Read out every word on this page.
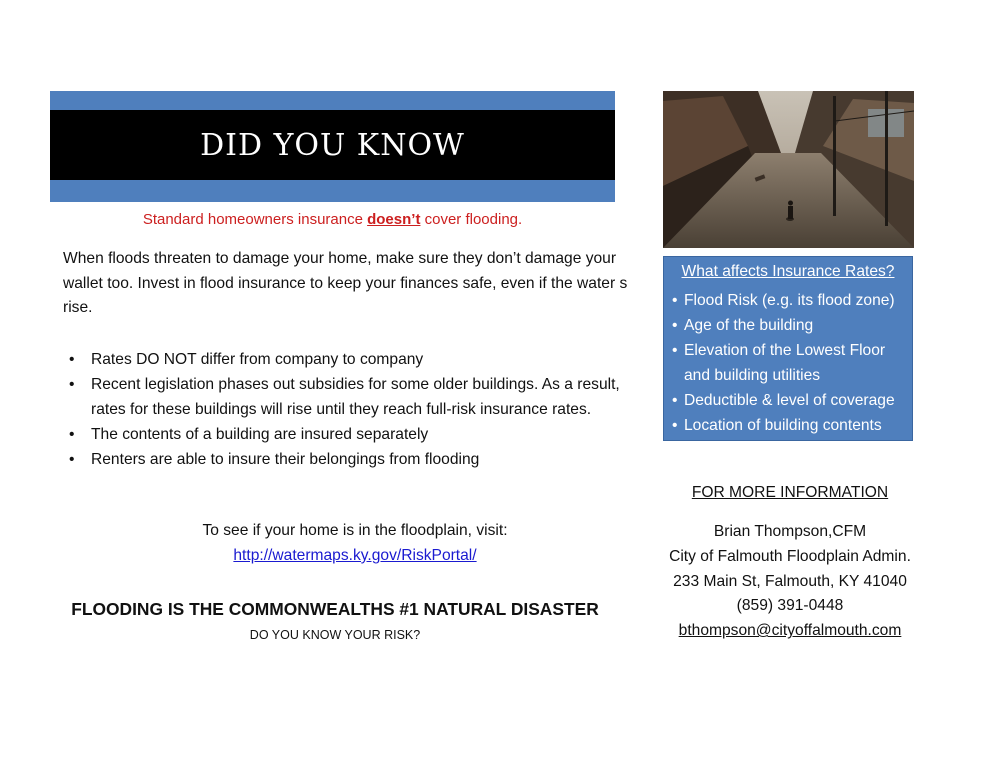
DID YOU KNOW
Standard homeowners insurance doesn’t cover flooding.
When floods threaten to damage your home, make sure they don’t damage your wallet too. Invest in flood insurance to keep your finances safe, even if the water s rise.
• Rates DO NOT differ from company to company
• Recent legislation phases out subsidies for some older buildings. As a result, rates for these buildings will rise until they reach full-risk insurance rates.
• The contents of a building are insured separately
• Renters are able to insure their belongings from flooding
To see if your home is in the floodplain, visit:
http://watermaps.ky.gov/RiskPortal/
FLOODING IS THE COMMONWEALTHS #1 NATURAL DISASTER
DO YOU KNOW YOUR RISK?
What affects Insurance Rates?
• Flood Risk (e.g. its flood zone)
• Age of the building
• Elevation of the Lowest Floor and building utilities
• Deductible & level of coverage
• Location of building contents
FOR MORE INFORMATION
Brian Thompson,CFM
City of Falmouth Floodplain Admin.
233 Main St, Falmouth, KY 41040
(859) 391-0448
bthompson@cityoffalmouth.com
